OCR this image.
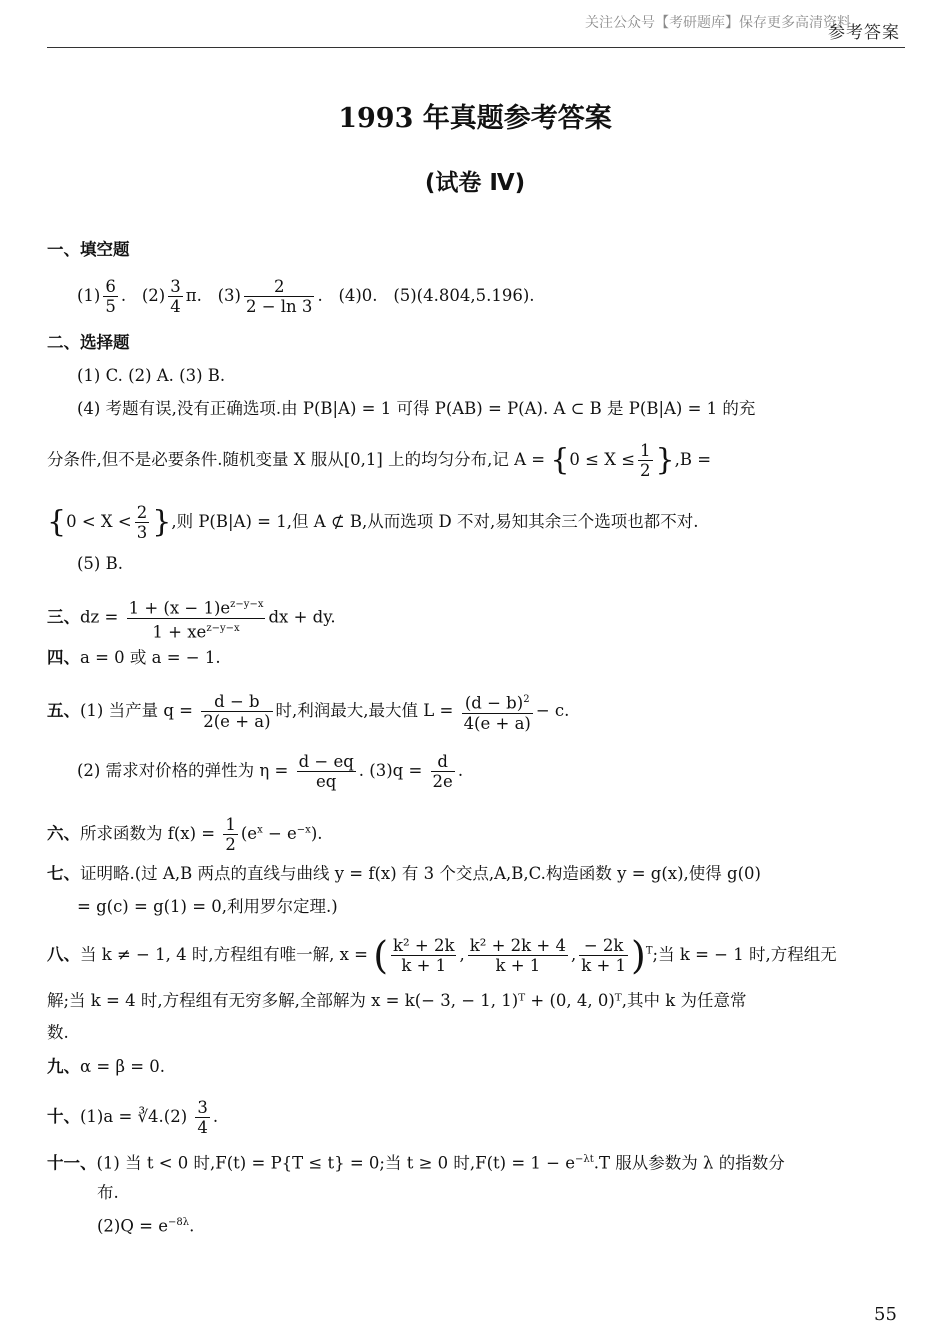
关注公众号【考研题库】保存更多高清资料
参考答案
1993 年真题参考答案
(试卷 Ⅳ)
一、填空题
$(1) \frac{6}{5}$ . $(2) \frac{3}{4} \pi$. $(3) \frac{2}{2 - \ln 3}$ . (4)0. (5)(4.804,5.196).
二、选择题
(1) C. (2) A. (3) B.
(4) 考题有误,没有正确选项.由 P(B|A) = 1 可得 P(AB) = P(A). A ⊂ B 是 P(B|A) = 1 的充
分条件,但不是必要条件.随机变量 X 服从[0,1] 上的均匀分布,记 $A = \{0 \le X \le \frac{1}{2} \},B$ =
{$0 < X < \frac{2}{3}$ },则 P(B|A) = 1,但 A ⊄ B,从而选项 D 不对,易知其余三个选项也都不对.
(5) B.
三、dz = $1 + (x - 1)e^{z-y-x}$
$1 + xe^{z-y-x}$
dx + dy.
四、a = 0 或 a = − 1.
五、(1) 当产量 $q = \frac{d - b}{2(e + a)}$ 时,利润最大,最大值 $L = \frac{(d - b)^2}{4(e + a)} - c$.
(2) 需求对价格的弹性为 $\eta = \frac{d - eq}{eq}$ . $(3)q = \frac{d}{2e}$ .
六、所求函数为 $f(x) = \frac{1}{2} (e^x - e^{-x})$.
七、证明略.(过 A,B 两点的直线与曲线 y = f(x) 有 3 个交点,A,B,C.构造函数 y = g(x),使得 g(0)
= g(c) = g(1) = 0,利用罗尔定理.)
八、当 k ≠ − 1, 4 时,方程组有唯一解, x = ( $\frac{\text{k² + 2k}}{k + 1}$ , $\frac{\text{k² + 2k + 4}}{k + 1}$ , $\frac{- 2k}{k + 1} )^T$;当 k = − 1 时,方程组无
解;当 k = 4 时,方程组有无穷多解,全部解为 x = k(− 3, − 1, 1)ᵀ + (0, 4, 0)ᵀ,其中 k 为任意常
数.
九、α = β = 0.
十、(1)a = ∛4.(2) $\frac{3}{4}$ .
十一、(1) 当 t < 0 时,F(t) = P{T ≤ t} = 0;当 t ≥ 0 时$,F(t) = 1 - e^{-\lambda t}.T$ 服从参数为 λ 的指数分
布.
$(2)Q = e^{-8\lambda}$.
55
